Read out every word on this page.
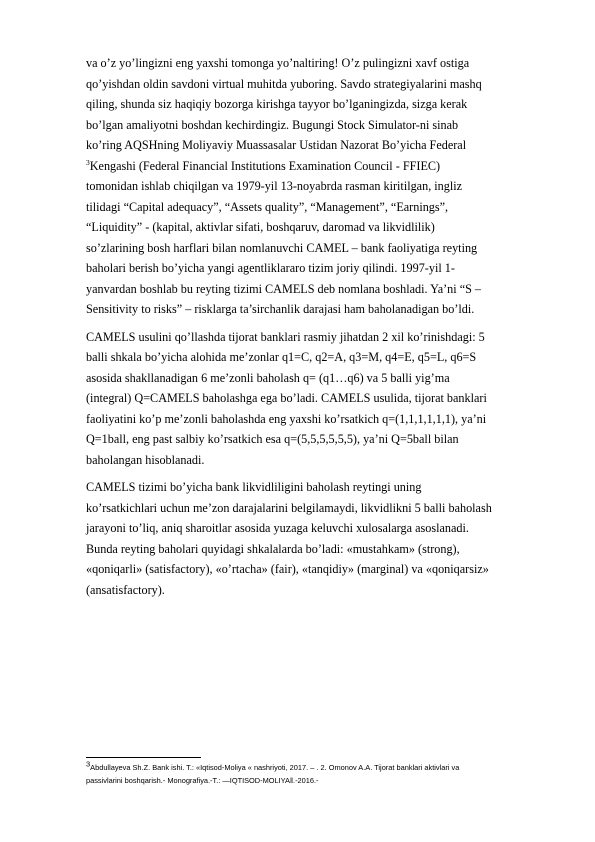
va o’z yo’lingizni eng yaxshi tomonga yo’naltiring! O’z pulingizni xavf ostiga

qo’yishdan oldin savdoni virtual muhitda yuboring. Savdo strategiyalarini mashq

qiling, shunda siz haqiqiy bozorga kirishga tayyor bo’lganingizda, sizga kerak

bo’lgan amaliyotni boshdan kechirdingiz. Bugungi Stock Simulator-ni sinab

ko’ring AQSHning Moliyaviy Muassasalar Ustidan Nazorat Bo’yicha Federal

$^3$Kengashi (Federal Financial Institutions Examination Council - FFIEC)

tomonidan ishlab chiqilgan va 1979-yil 13-noyabrda rasman kiritilgan, ingliz

tilidagi “Capital adequacy”, “Assets quality”, “Management”, “Earnings”,

“Liquidity” - (kapital, aktivlar sifati, boshqaruv, daromad va likvidlilik)

so’zlarining bosh harflari bilan nomlanuvchi CAMEL – bank faoliyatiga reyting

baholari berish bo’yicha yangi agentliklararo tizim joriy qilindi. 1997-yil 1-

yanvardan boshlab bu reyting tizimi CAMELS deb nomlana boshladi. Ya’ni “S –

Sensitivity to risks” – risklarga ta’sirchanlik darajasi ham baholanadigan bo’ldi.

CAMELS usulini qo’llashda tijorat banklari rasmiy jihatdan 2 xil ko’rinishdagi: 5

balli shkala bo’yicha alohida me’zonlar q1=C, q2=A, q3=M, q4=E, q5=L, q6=S

asosida shakllanadigan 6 me’zonli baholash q= (q1…q6) va 5 balli yig’ma

(integral) Q=CAMELS baholashga ega bo’ladi. CAMELS usulida, tijorat banklari

faoliyatini ko’p me’zonli baholashda eng yaxshi ko’rsatkich q=(1,1,1,1,1,1), ya’ni

Q=1ball, eng past salbiy ko’rsatkich esa q=(5,5,5,5,5,5), ya’ni Q=5ball bilan

baholangan hisoblanadi.

CAMELS tizimi bo’yicha bank likvidliligini baholash reytingi uning

ko’rsatkichlari uchun me’zon darajalarini belgilamaydi, likvidlikni 5 balli baholash

jarayoni to’liq, aniq sharoitlar asosida yuzaga keluvchi xulosalarga asoslanadi.

Bunda reyting baholari quyidagi shkalalarda bo’ladi: «mustahkam» (strong),

«qoniqarli» (satisfactory), «o’rtacha» (fair), «tanqidiy» (marginal) va «qoniqarsiz»

(ansatisfactory).

$^3$Abdullayeva Sh.Z. Bank ishi. T.: «Iqtisod-Moliya « nashriyoti, 2017. – . 2. Omonov A.A. Tijorat banklari aktivlari va
passivlarini boshqarish.- Monografiya.-T.: ―IQTISOD-MOLIYA‖.-2016.-
